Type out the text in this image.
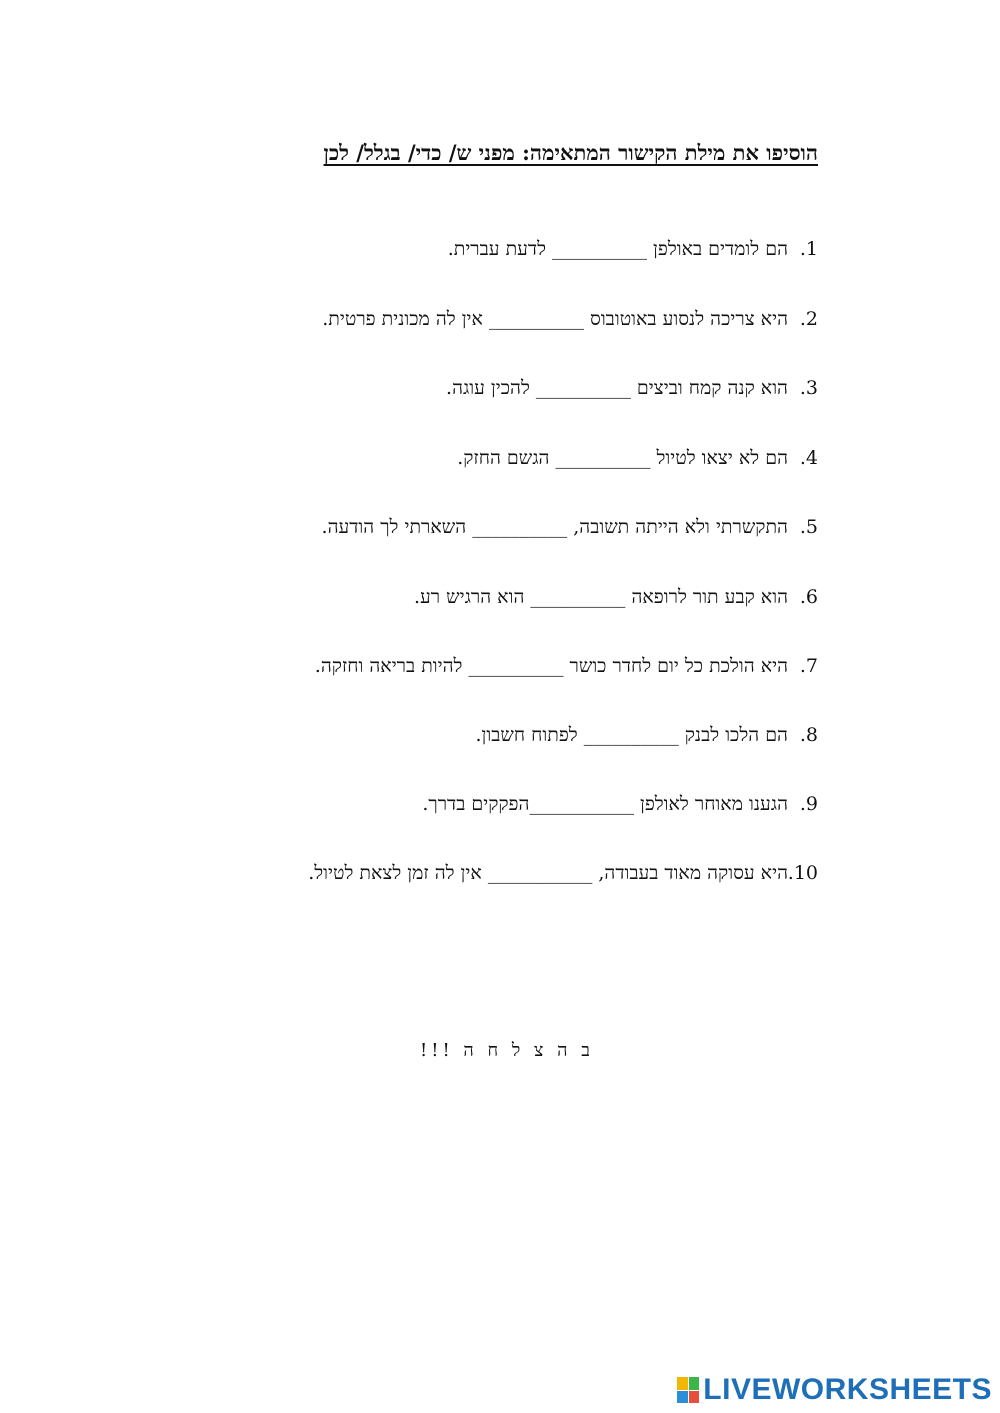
הוסיפו את מילת הקישור המתאימה: מפני ש/ כדי/ בגלל/ לכן
1.
הם לומדים באולפן __________ לדעת עברית.
2.
היא צריכה לנסוע באוטובוס __________ אין לה מכונית פרטית.
3.
הוא קנה קמח וביצים __________ להכין עוגה.
4.
הם לא יצאו לטיול __________ הגשם החזק.
5.
התקשרתי ולא הייתה תשובה, __________ השארתי לך הודעה.
6.
הוא קבע תור לרופאה __________ הוא הרגיש רע.
7.
היא הולכת כל יום לחדר כושר __________ להיות בריאה וחזקה.
8.
הם הלכו לבנק __________ לפתוח חשבון.
9.
הגענו מאוחר לאולפן ___________הפקקים בדרך.
10.
היא עסוקה מאוד בעבודה, ___________ אין לה זמן לצאת לטיול.
ב ה צ ל ח ה !!!
LIVEWORKSHEETS
